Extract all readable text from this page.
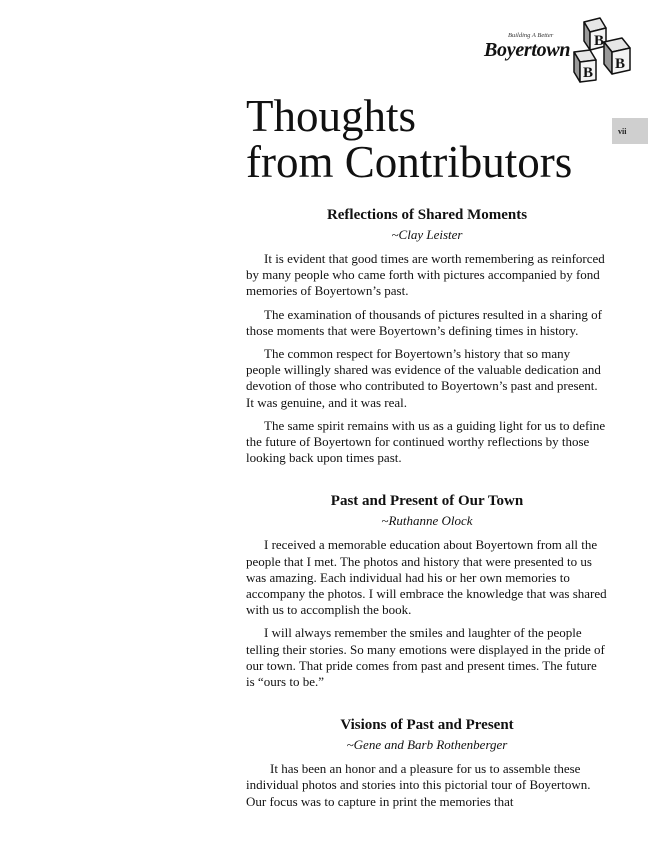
Building A Better
Boyertown B
B
B
vii
Thoughts
from Contributors
Reflections of Shared Moments
~Clay Leister

It is evident that good times are worth remembering as reinforced by many people who came forth with pictures accompanied by fond memories of Boyertown’s past.

The examination of thousands of pictures resulted in a sharing of those moments that were Boyertown’s defining times in history.

The common respect for Boyertown’s history that so many people willingly shared was evidence of the valuable dedication and devotion of those who contributed to Boyertown’s past and present. It was genuine, and it was real.

The same spirit remains with us as a guiding light for us to define the future of Boyertown for continued worthy reflections by those looking back upon times past.

Past and Present of Our Town
~Ruthanne Olock

I received a memorable education about Boyertown from all the people that I met. The photos and history that were presented to us was amazing. Each individual had his or her own memories to accompany the photos. I will embrace the knowledge that was shared with us to accomplish the book.

I will always remember the smiles and laughter of the people telling their stories. So many emotions were displayed in the pride of our town. That pride comes from past and present times. The future is “ours to be.”

Visions of Past and Present
~Gene and Barb Rothenberger

It has been an honor and a pleasure for us to assemble these individual photos and stories into this pictorial tour of Boyertown. Our focus was to capture in print the memories that
